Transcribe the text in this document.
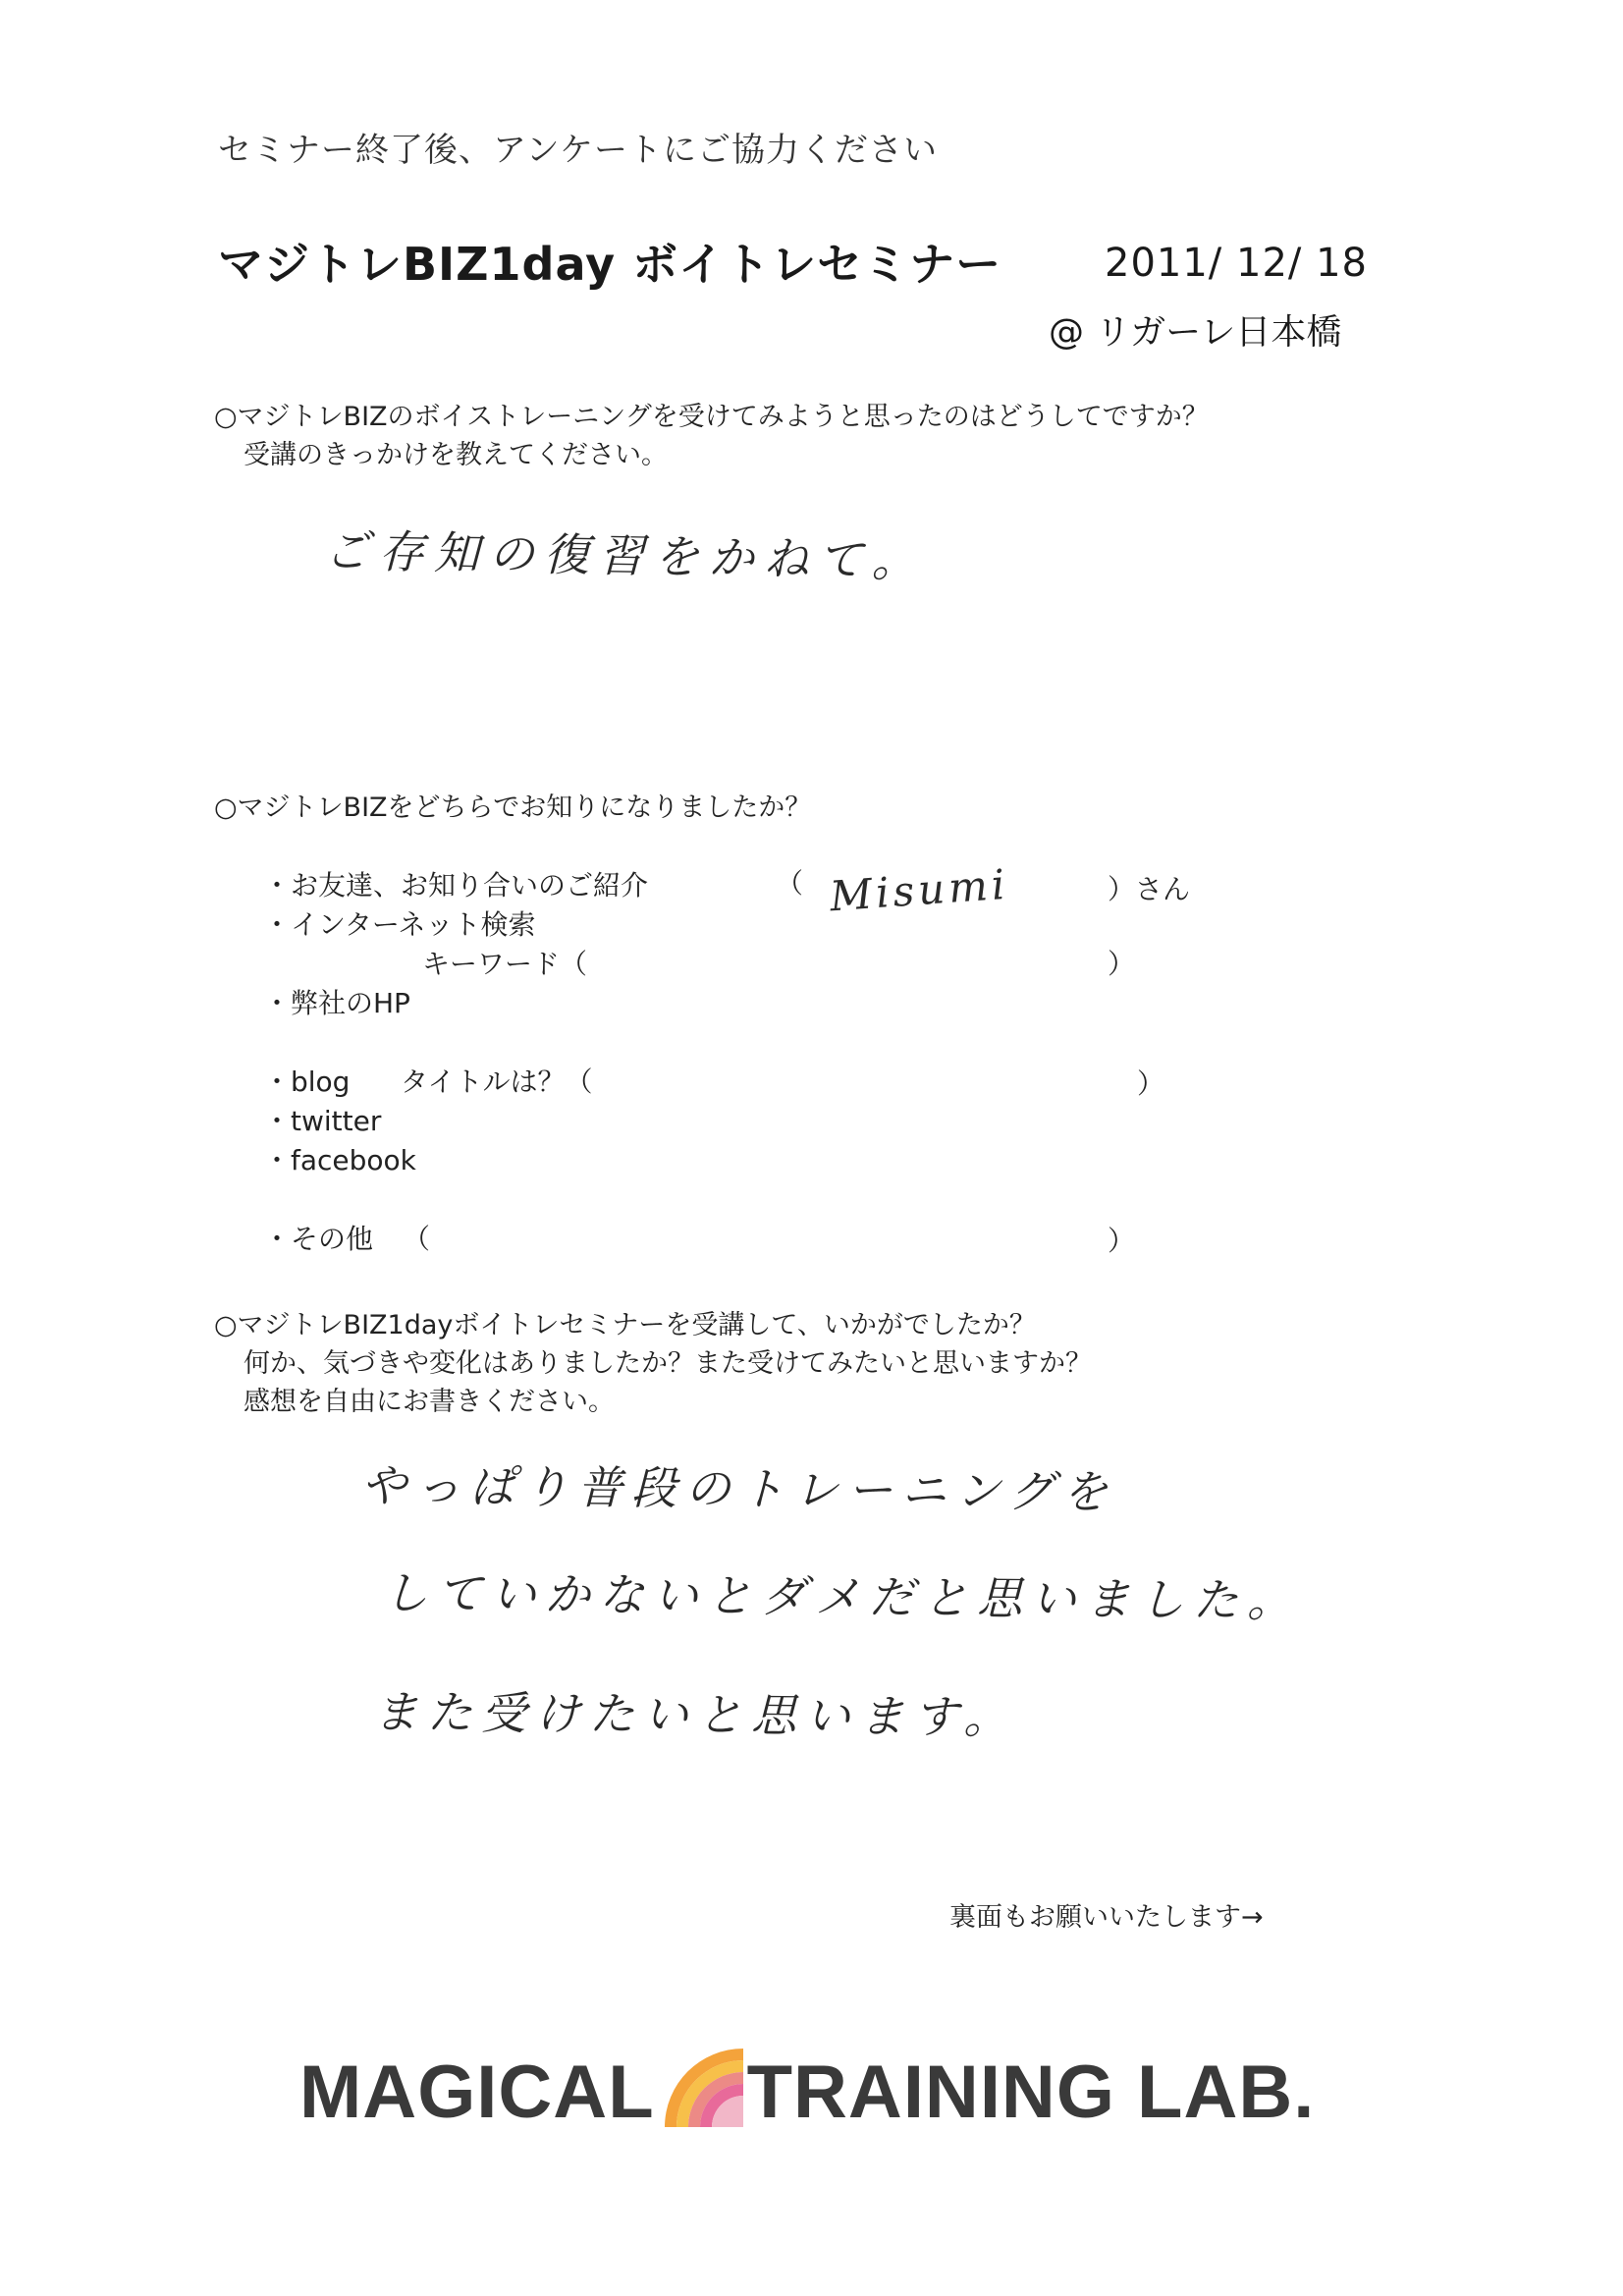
セミナー終了後、アンケートにご協力ください
マジトレBIZ1day ボイトレセミナー	2011/ 12/ 18
@ リガーレ日本橋
○マジトレBIZのボイストレーニングを受けてみようと思ったのはどうしてですか？
受講のきっかけを教えてください。
ご存知の復習をかねて。
○マジトレBIZをどちらでお知りになりましたか？
・お友達、お知り合いのご紹介	（ Misumi	）さん
・インターネット検索
キーワード（	）
・弊社のHP
・blog タイトルは？（	）
・twitter
・facebook
・その他 （	）
○マジトレBIZ1dayボイトレセミナーを受講して、いかがでしたか？
何か、気づきや変化はありましたか？また受けてみたいと思いますか？
感想を自由にお書きください。
やっぱり普段のトレーニングを
していかないとダメだと思いました。
また受けたいと思います。
裏面もお願いいたします→
MAGICAL TRAINING LAB.
